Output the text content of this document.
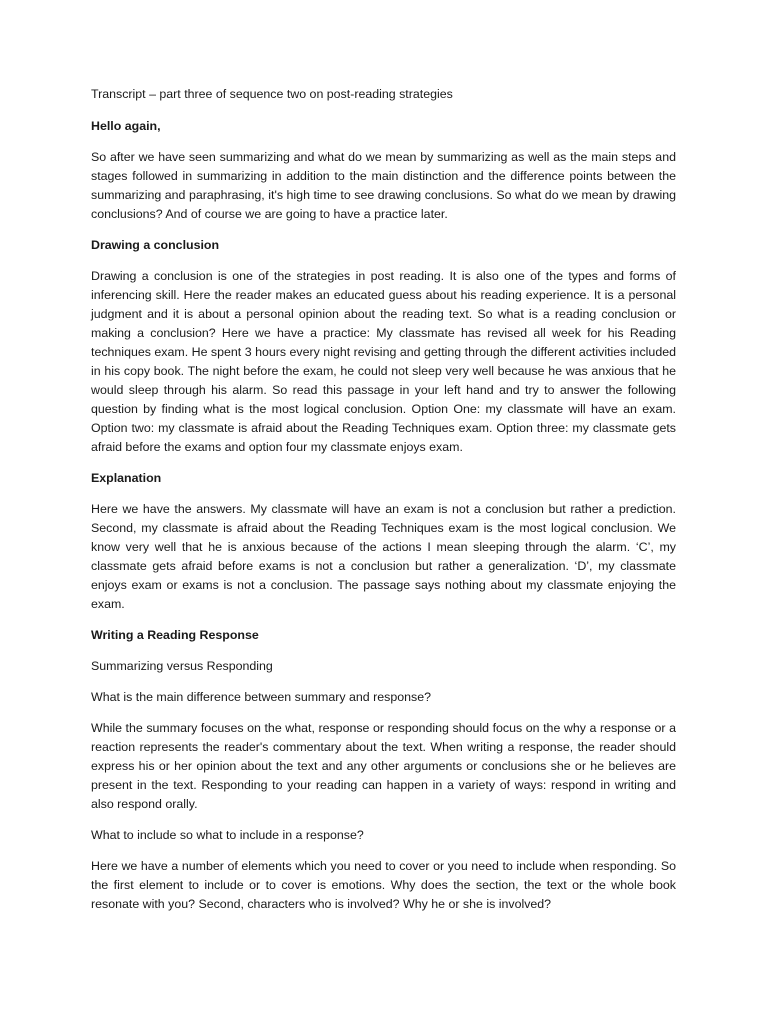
Transcript – part three of sequence two on post-reading strategies

Hello again,

So after we have seen summarizing and what do we mean by summarizing as well as the main steps and stages followed in summarizing in addition to the main distinction and the difference points between the summarizing and paraphrasing, it's high time to see drawing conclusions. So what do we mean by drawing conclusions? And of course we are going to have a practice later.

Drawing a conclusion

Drawing a conclusion is one of the strategies in post reading. It is also one of the types and forms of inferencing skill. Here the reader makes an educated guess about his reading experience. It is a personal judgment and it is about a personal opinion about the reading text. So what is a reading conclusion or making a conclusion? Here we have a practice: My classmate has revised all week for his Reading techniques exam. He spent 3 hours every night revising and getting through the different activities included in his copy book. The night before the exam, he could not sleep very well because he was anxious that he would sleep through his alarm. So read this passage in your left hand and try to answer the following question by finding what is the most logical conclusion. Option One: my classmate will have an exam. Option two: my classmate is afraid about the Reading Techniques exam. Option three: my classmate gets afraid before the exams and option four my classmate enjoys exam.

Explanation

Here we have the answers. My classmate will have an exam is not a conclusion but rather a prediction. Second, my classmate is afraid about the Reading Techniques exam is the most logical conclusion. We know very well that he is anxious because of the actions I mean sleeping through the alarm. ‘C’, my classmate gets afraid before exams is not a conclusion but rather a generalization. ‘D’, my classmate enjoys exam or exams is not a conclusion. The passage says nothing about my classmate enjoying the exam.

Writing a Reading Response

Summarizing versus Responding

What is the main difference between summary and response?

While the summary focuses on the what, response or responding should focus on the why a response or a reaction represents the reader's commentary about the text. When writing a response, the reader should express his or her opinion about the text and any other arguments or conclusions she or he believes are present in the text. Responding to your reading can happen in a variety of ways: respond in writing and also respond orally.

What to include so what to include in a response?

Here we have a number of elements which you need to cover or you need to include when responding. So the first element to include or to cover is emotions. Why does the section, the text or the whole book resonate with you? Second, characters who is involved? Why he or she is involved?
